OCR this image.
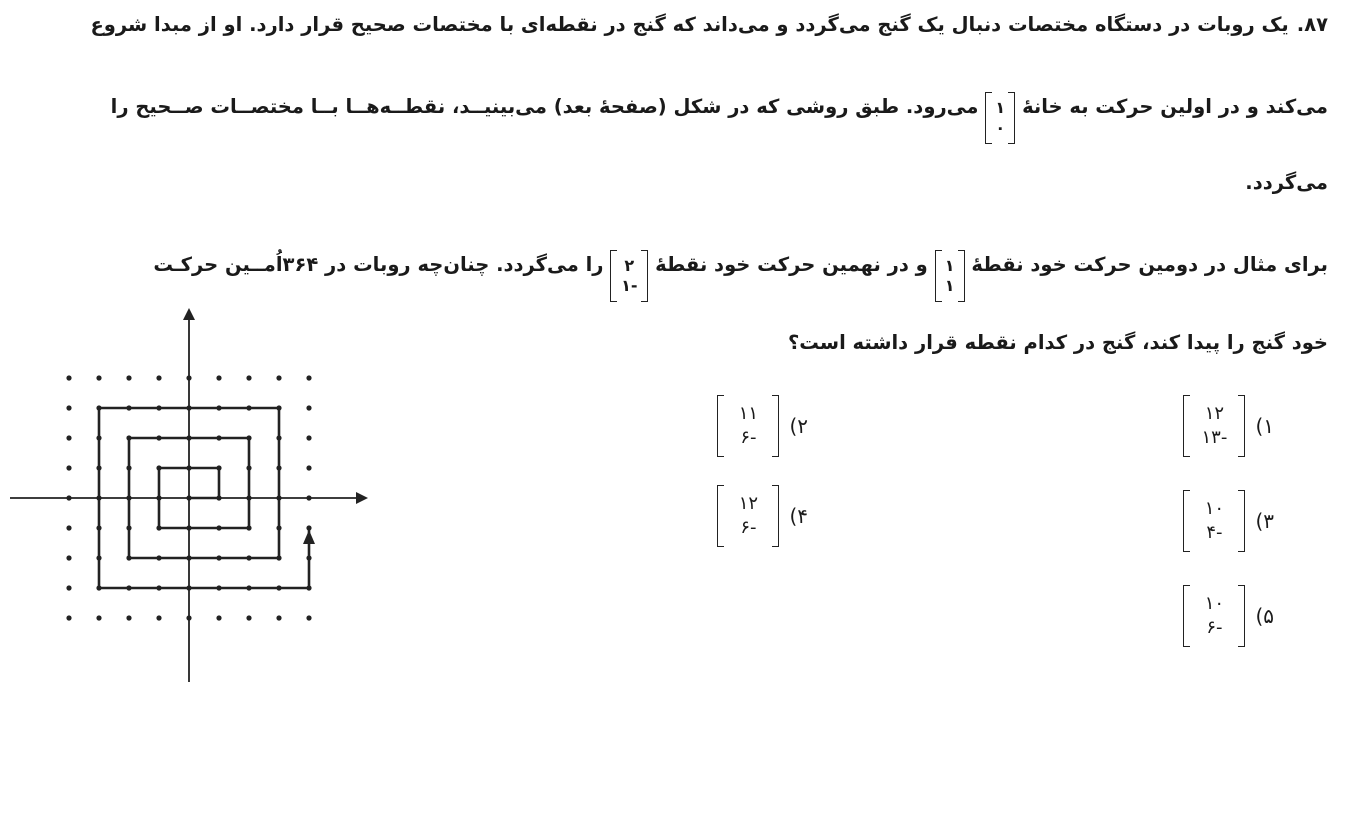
۸۷.یک روبات در دستگاه مختصات دنبال یک گنج می‌گردد و می‌داند که گنج در نقطه‌ای با مختصات صحیح قرار دارد. او از مبدا شروع
می‌کند و در اولین حرکت به خانهٔ
۱
۰
می‌رود. طبق روشی که در شکل (صفحهٔ بعد) می‌بینیــد، نقطــه‌هــا بــا مختصــات صــحیح را
می‌گردد.
برای مثال در دومین حرکت خود نقطهٔ
۱
۱
و در نهمین حرکت خود نقطهٔ
۲
-۱
را می‌گردد. چنان‌چه روبات در ۳۶۴اُمــین حرکـت
خود گنج را پیدا کند، گنج در کدام نقطه قرار داشته است؟
۱)
۱۲
-۱۳
۲)
۱۱
-۶
۳)
۱۰
-۴
۴)
۱۲
-۶
۵)
۱۰
-۶
